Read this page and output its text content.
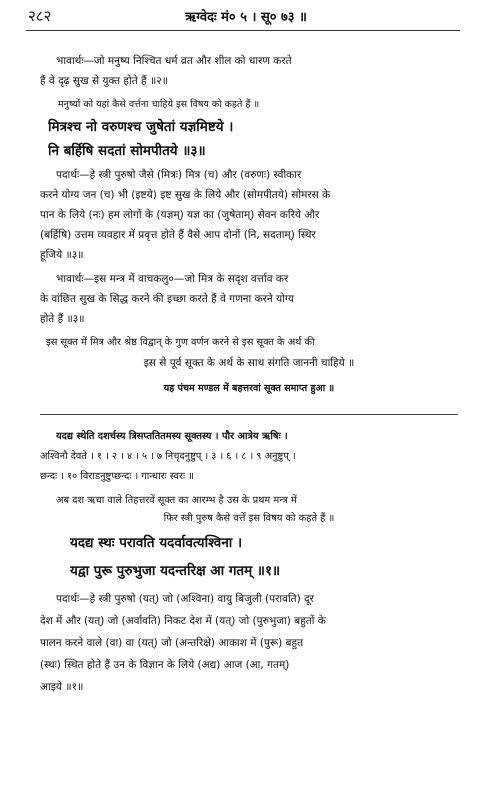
२८२	ऋग्वेदः मं० ५ । सू० ७३ ॥
भावार्थः—जो मनुष्य निश्चित धर्म व्रत और शील को धारण करते
हैं वे दृढ़ सुख से युक्त होते हैं ॥२॥
मनुष्यों को यहां कैसे वर्त्तना चाहिये इस विषय को कहते हैं ॥
मित्रश्च नो वरुणश्च जुषेतां यज्ञमिष्टये ।
नि बर्हिषि सदतां सोमपीतये ॥३॥
पदार्थः—हे स्त्री पुरुषो जैसे (मित्रः) मित्र (च) और (वरुणः) स्वीकार
करने योग्य जन (च) भी (इष्टये) इष्ट सुख के लिये और (सोमपीतये) सोमरस के
पान के लिये (नः) हम लोगों के (यज्ञम्) यज्ञ का (जुषेताम्) सेवन करिये और
(बर्हिषि) उत्तम व्यवहार में प्रवृत्त होते हैं वैसे आप दोनों (नि, सदताम्) स्थिर
हूजिये ॥३॥
भावार्थः—इस मन्त्र में वाचकलु०—जो मित्र के सदृश वर्त्ताव कर
के वांछित सुख के सिद्ध करने की इच्छा करते हैं वे गणना करने योग्य
होते हैं ॥३॥
इस सूक्त में मित्र और श्रेष्ठ विद्वान् के गुण वर्णन करने से इस सूक्त के अर्थ की
इस से पूर्व सूक्त के अर्थ के साथ संगति जाननी चाहिये ॥
यह पंचम मण्डल में बहत्तरवां सूक्त समाप्त हुआ ॥
यदद्य स्थेति दशर्चस्य त्रिसप्ततितमस्य सूक्तस्य । पौर आत्रेय ऋषिः ।
अश्विनौ देवते । १ । २ । ४ । ५ । ७ निचृदनुष्टुप् । ३ । ६ । ८ । ९ अनुष्टुप् ।
छन्दः । १० विराडनुष्टुप्छन्दः । गान्धारः स्वरः ॥
अब दश ऋचा वाले तिहत्तरवें सूक्त का आरम्भ है उस के प्रथम मन्त्र में
फिर स्त्री पुरुष कैसे वर्त्तें इस विषय को कहते हैं ॥
यदद्य स्थः परावति यदर्वावत्यश्विना ।
यद्वा पुरू पुरुभुजा यदन्तरिक्ष आ गतम् ॥१॥
पदार्थः—हे स्त्री पुरुषो (यत्) जो (अश्विना) वायु बिजुली (परावति) दूर
देश में और (यत्) जो (अर्वावति) निकट देश में (यत्) जो (पुरुभुजा) बहुतों के
पालन करने वाले (वा) वा (यत्) जो (अन्तरिक्षे) आकाश में (पुरू) बहुत
(स्थः) स्थित होते हैं उन के विज्ञान के लिये (अद्य) आज (आ, गतम्)
आइये ॥१॥
